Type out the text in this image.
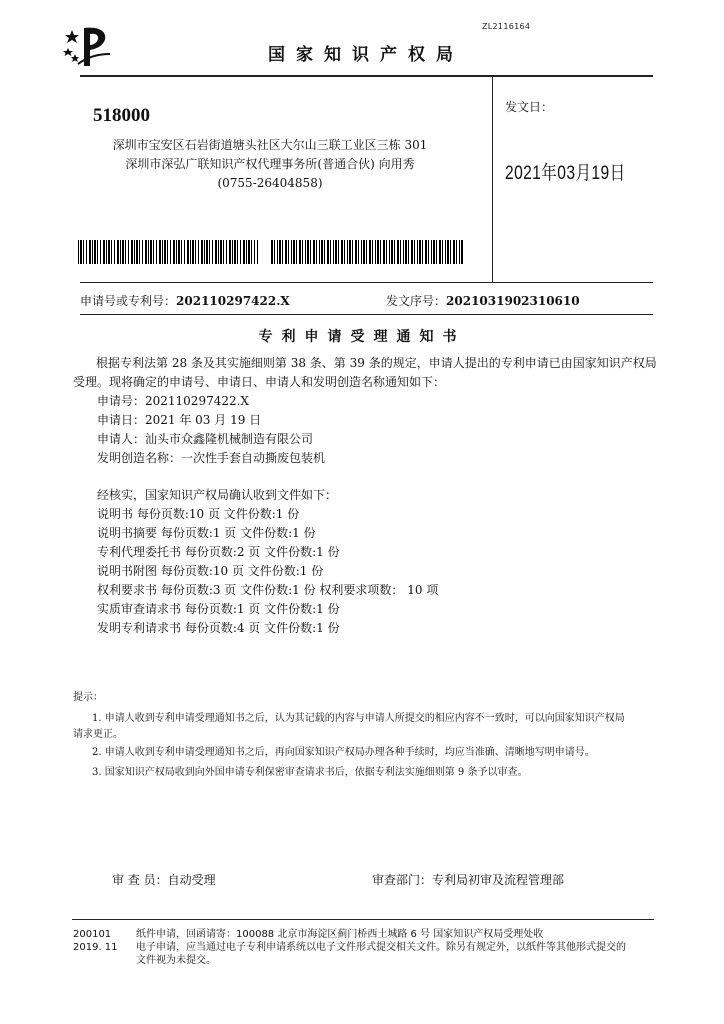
ZL2116164
国家知识产权局
518000
深圳市宝安区石岩街道塘头社区大尔山三联工业区三栋 301
深圳市深弘广联知识产权代理事务所(普通合伙) 向用秀
(0755-26404858)
发文日：
2021年03月19日
申请号或专利号：202110297422.X	发文序号：2021031902310610
专利申请受理通知书
根据专利法第 28 条及其实施细则第 38 条、第 39 条的规定，申请人提出的专利申请已由国家知识产权局
受理。现将确定的申请号、申请日、申请人和发明创造名称通知如下：
申请号：202110297422.X
申请日：2021 年 03 月 19 日
申请人：汕头市众鑫隆机械制造有限公司
发明创造名称：一次性手套自动撕废包装机
经核实，国家知识产权局确认收到文件如下：
说明书 每份页数:10 页 文件份数:1 份
说明书摘要 每份页数:1 页 文件份数:1 份
专利代理委托书 每份页数:2 页 文件份数:1 份
说明书附图 每份页数:10 页 文件份数:1 份
权利要求书 每份页数:3 页 文件份数:1 份 权利要求项数： 10 项
实质审查请求书 每份页数:1 页 文件份数:1 份
发明专利请求书 每份页数:4 页 文件份数:1 份
提示：
1. 申请人收到专利申请受理通知书之后，认为其记载的内容与申请人所提交的相应内容不一致时，可以向国家知识产权局
请求更正。
2. 申请人收到专利申请受理通知书之后，再向国家知识产权局办理各种手续时，均应当准确、清晰地写明申请号。
3. 国家知识产权局收到向外国申请专利保密审查请求书后，依据专利法实施细则第 9 条予以审查。
审 查 员：自动受理	审查部门：专利局初审及流程管理部
200101
2019. 11
纸件申请，回函请寄：100088 北京市海淀区蓟门桥西土城路 6 号 国家知识产权局受理处收
电子申请，应当通过电子专利申请系统以电子文件形式提交相关文件。除另有规定外，以纸件等其他形式提交的
文件视为未提交。
